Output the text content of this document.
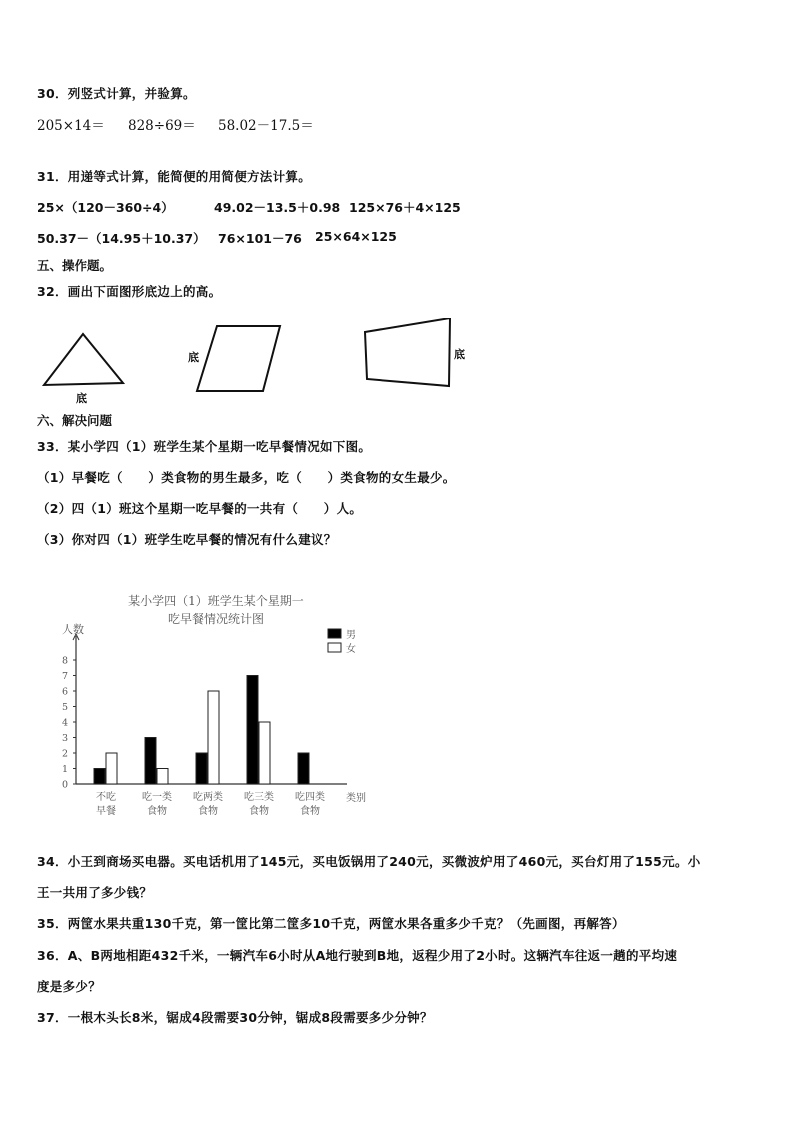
30．列竖式计算，并验算。
205×14＝ 828÷69＝ 58.02－17.5＝
31．用递等式计算，能简便的用简便方法计算。
25×（120－360÷4）	49.02－13.5＋0.98 125×76＋4×125
50.37－（14.95＋10.37） 76×101－76 25×64×125
五、操作题。
32．画出下面图形底边上的高。
底
底	底
六、解决问题
33．某小学四（1）班学生某个星期一吃早餐情况如下图。
（1）早餐吃（　　）类食物的男生最多，吃（　　）类食物的女生最少。
（2）四（1）班这个星期一吃早餐的一共有（　　）人。
（3）你对四（1）班学生吃早餐的情况有什么建议？
某小学四（1）班学生某个星期一
吃早餐情况统计图
人数
类别
0
1
2
3
4
5
6
7
8
不吃
早餐
吃一类
食物
吃两类
食物
吃三类
食物
吃四类
食物
男
女
34．小王到商场买电器。买电话机用了145元，买电饭锅用了240元，买微波炉用了460元，买台灯用了155元。小
王一共用了多少钱？
35．两筐水果共重130千克，第一筐比第二筐多10千克，两筐水果各重多少千克？（先画图，再解答）
36．A、B两地相距432千米，一辆汽车6小时从A地行驶到B地，返程少用了2小时。这辆汽车往返一趟的平均速
度是多少？
37．一根木头长8米，锯成4段需要30分钟，锯成8段需要多少分钟？
